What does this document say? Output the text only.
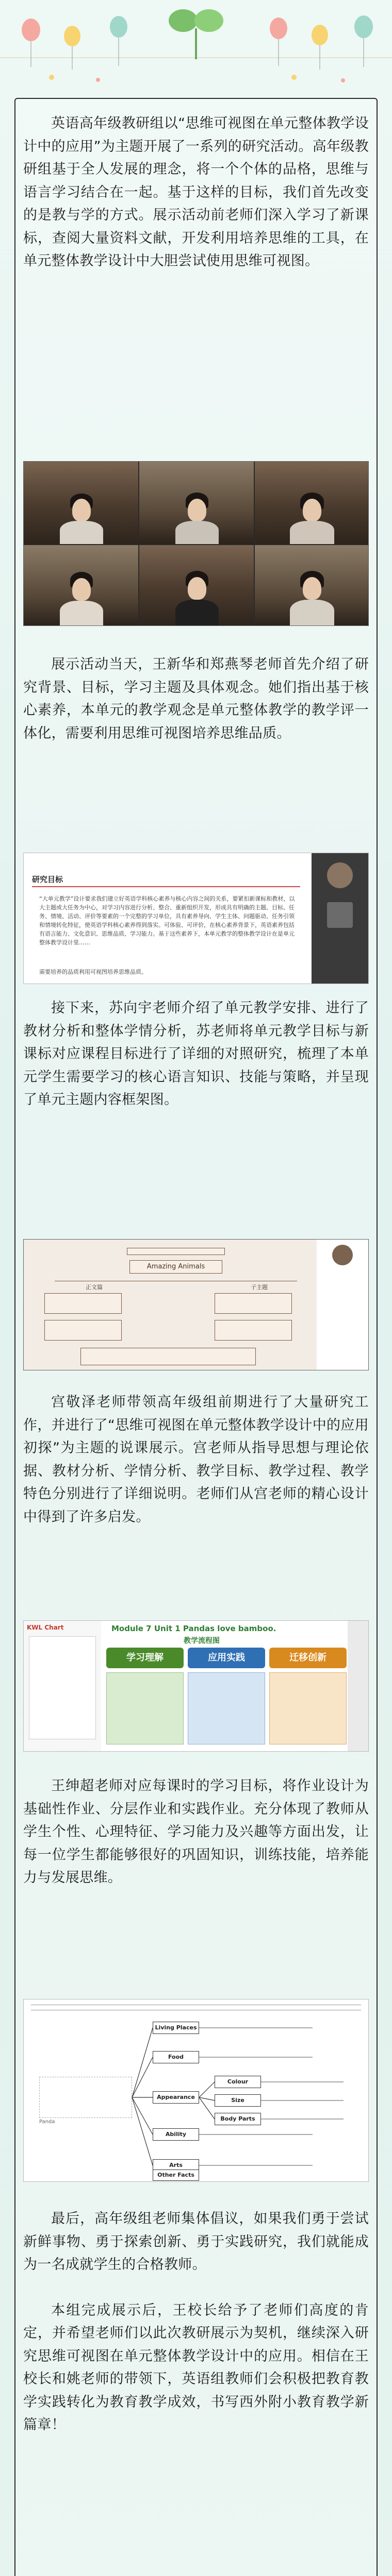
英语高年级教研组以“思维可视图在单元整体教学设计中的应用”为主题开展了一系列的研究活动。高年级教研组基于全人发展的理念，将一个个体的品格，思维与语言学习结合在一起。基于这样的目标，我们首先改变的是教与学的方式。展示活动前老师们深入学习了新课标，查阅大量资料文献，开发利用培养思维的工具，在单元整体教学设计中大胆尝试使用思维可视图。

展示活动当天，王新华和郑燕琴老师首先介绍了研究背景、目标，学习主题及具体观念。她们指出基于核心素养，本单元的教学观念是单元整体教学的教学评一体化，需要利用思维可视图培养思维品质。

研究目标
“大单元教学”设计要求我们建立好英语学科核心素养与核心内容之间的关系，要紧扣新课标和教材，以大主题或大任务为中心，对学习内容进行分析、整合、重新组织开发，形成具有明确的主题、目标、任务、情境、活动、评价等要素的一个完整的学习单位，具有素养导向、学生主体、问题驱动、任务引领和情境转化特征，使英语学科核心素养得到落实。可体验、可评价，在核心素养背景下，英语素养包括有语言能力、文化意识、思维品质、学习能力。基于这些素养下，本单元教学的整体教学设计在是单元整体教学设计里……
需要培养的品质利用可视图培养思维品质。

接下来，苏向宇老师介绍了单元教学安排、进行了教材分析和整体学情分析，苏老师将单元教学目标与新课标对应课程目标进行了详细的对照研究，梳理了本单元学生需要学习的核心语言知识、技能与策略，并呈现了单元主题内容框架图。

Amazing Animals
正文篇	子主题

宫敬泽老师带领高年级组前期进行了大量研究工作，并进行了“思维可视图在单元整体教学设计中的应用初探”为主题的说课展示。宫老师从指导思想与理论依据、教材分析、学情分析、教学目标、教学过程、教学特色分别进行了详细说明。老师们从宫老师的精心设计中得到了许多启发。

KWL Chart	Module 7 Unit 1 Pandas love bamboo.
教学流程图
学习理解	应用实践	迁移创新

王绅超老师对应每课时的学习目标，将作业设计为基础性作业、分层作业和实践作业。充分体现了教师从学生个性、心理特征、学习能力及兴趣等方面出发，让每一位学生都能够很好的巩固知识，训练技能，培养能力与发展思维。

Panda
Living Places
Food
Appearance
Colour
Size
Body Parts
Ability
Arts
Other Facts

最后，高年级组老师集体倡议，如果我们勇于尝试新鲜事物、勇于探索创新、勇于实践研究，我们就能成为一名成就学生的合格教师。

本组完成展示后，王校长给予了老师们高度的肯定，并希望老师们以此次教研展示为契机，继续深入研究思维可视图在单元整体教学设计中的应用。相信在王校长和姚老师的带领下，英语组教师们会积极把教育教学实践转化为教育教学成效，书写西外附小教育教学新篇章！
